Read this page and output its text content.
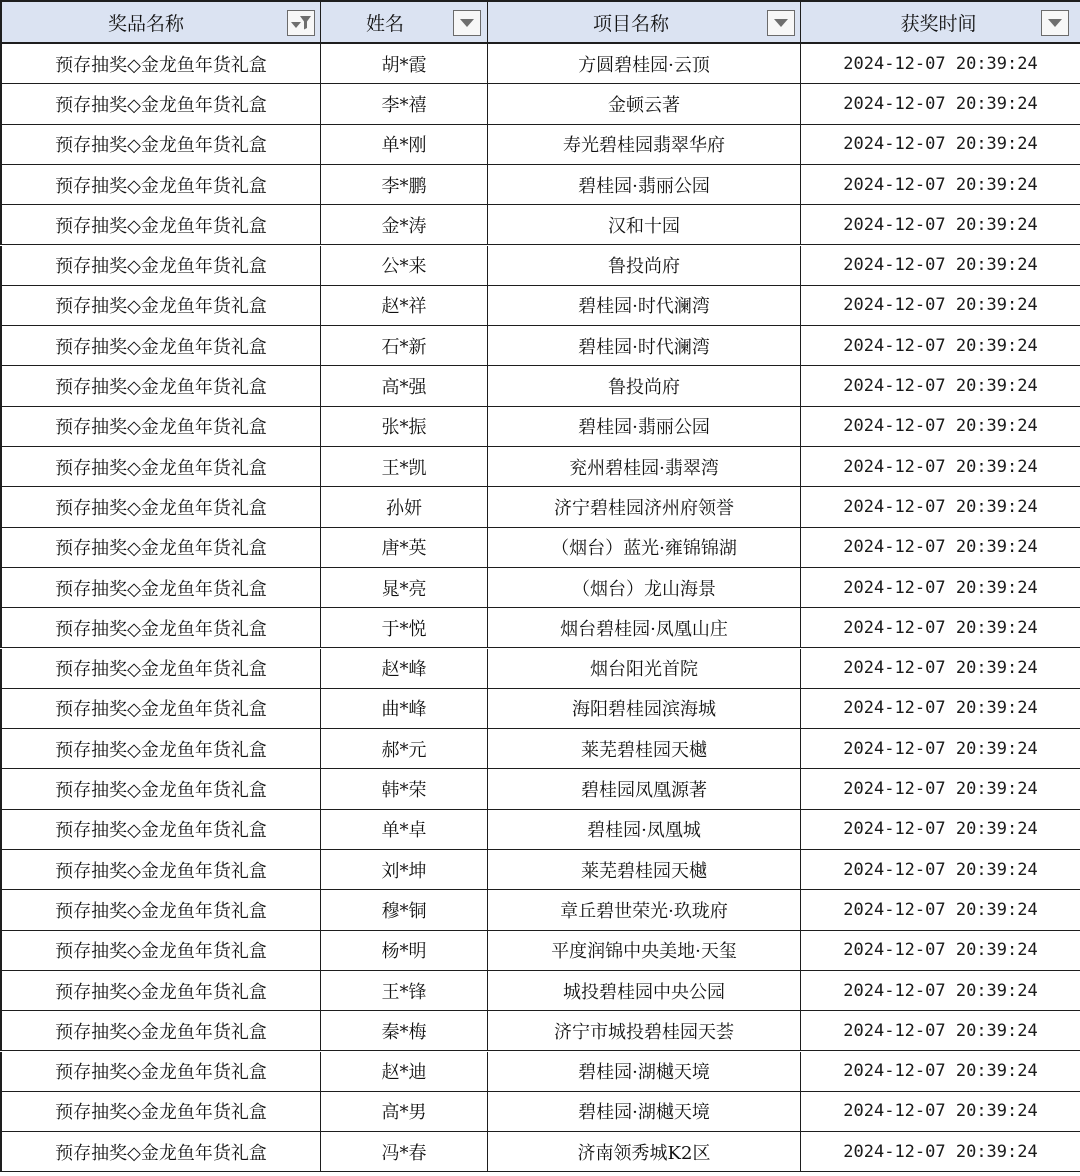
奖品名称	姓名	项目名称	获奖时间
预存抽奖◇金龙鱼年货礼盒	胡*霞	方圆碧桂园·云顶	2024-12-07 20:39:24
预存抽奖◇金龙鱼年货礼盒	李*禧	金顿云著	2024-12-07 20:39:24
预存抽奖◇金龙鱼年货礼盒	单*刚	寿光碧桂园翡翠华府	2024-12-07 20:39:24
预存抽奖◇金龙鱼年货礼盒	李*鹏	碧桂园·翡丽公园	2024-12-07 20:39:24
预存抽奖◇金龙鱼年货礼盒	金*涛	汉和十园	2024-12-07 20:39:24
预存抽奖◇金龙鱼年货礼盒	公*来	鲁投尚府	2024-12-07 20:39:24
预存抽奖◇金龙鱼年货礼盒	赵*祥	碧桂园·时代澜湾	2024-12-07 20:39:24
预存抽奖◇金龙鱼年货礼盒	石*新	碧桂园·时代澜湾	2024-12-07 20:39:24
预存抽奖◇金龙鱼年货礼盒	高*强	鲁投尚府	2024-12-07 20:39:24
预存抽奖◇金龙鱼年货礼盒	张*振	碧桂园·翡丽公园	2024-12-07 20:39:24
预存抽奖◇金龙鱼年货礼盒	王*凯	兖州碧桂园·翡翠湾	2024-12-07 20:39:24
预存抽奖◇金龙鱼年货礼盒	孙妍	济宁碧桂园济州府领誉	2024-12-07 20:39:24
预存抽奖◇金龙鱼年货礼盒	唐*英	（烟台）蓝光·雍锦锦湖	2024-12-07 20:39:24
预存抽奖◇金龙鱼年货礼盒	晁*亮	（烟台）龙山海景	2024-12-07 20:39:24
预存抽奖◇金龙鱼年货礼盒	于*悦	烟台碧桂园·凤凰山庄	2024-12-07 20:39:24
预存抽奖◇金龙鱼年货礼盒	赵*峰	烟台阳光首院	2024-12-07 20:39:24
预存抽奖◇金龙鱼年货礼盒	曲*峰	海阳碧桂园滨海城	2024-12-07 20:39:24
预存抽奖◇金龙鱼年货礼盒	郝*元	莱芜碧桂园天樾	2024-12-07 20:39:24
预存抽奖◇金龙鱼年货礼盒	韩*荣	碧桂园凤凰源著	2024-12-07 20:39:24
预存抽奖◇金龙鱼年货礼盒	单*卓	碧桂园·凤凰城	2024-12-07 20:39:24
预存抽奖◇金龙鱼年货礼盒	刘*坤	莱芜碧桂园天樾	2024-12-07 20:39:24
预存抽奖◇金龙鱼年货礼盒	穆*铜	章丘碧世荣光·玖珑府	2024-12-07 20:39:24
预存抽奖◇金龙鱼年货礼盒	杨*明	平度润锦中央美地·天玺	2024-12-07 20:39:24
预存抽奖◇金龙鱼年货礼盒	王*锋	城投碧桂园中央公园	2024-12-07 20:39:24
预存抽奖◇金龙鱼年货礼盒	秦*梅	济宁市城投碧桂园天荟	2024-12-07 20:39:24
预存抽奖◇金龙鱼年货礼盒	赵*迪	碧桂园·湖樾天境	2024-12-07 20:39:24
预存抽奖◇金龙鱼年货礼盒	高*男	碧桂园·湖樾天境	2024-12-07 20:39:24
预存抽奖◇金龙鱼年货礼盒	冯*春	济南领秀城K2区	2024-12-07 20:39:24
